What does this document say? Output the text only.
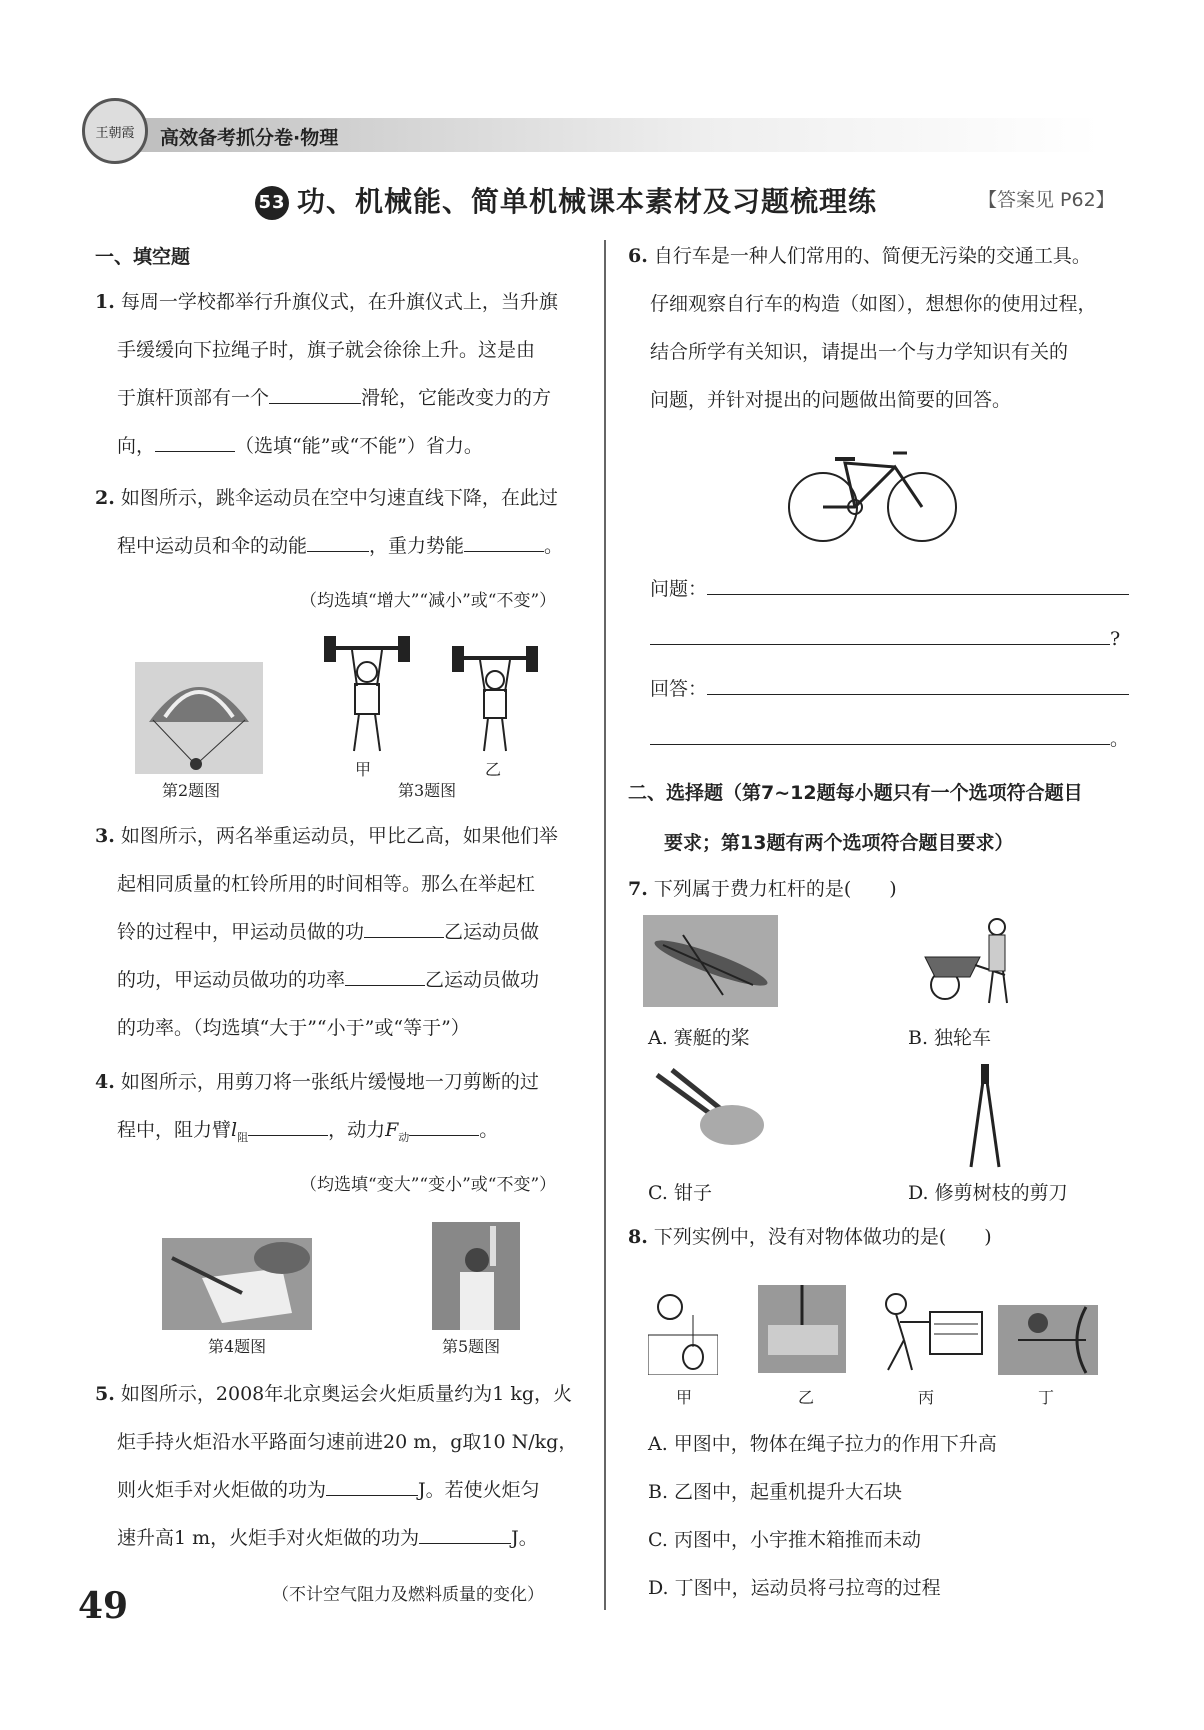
王朝霞 高效备考抓分卷·物理
53 功、机械能、简单机械课本素材及习题梳理练	【答案见 P62】
一、填空题
1. 每周一学校都举行升旗仪式，在升旗仪式上，当升旗
手缓缓向下拉绳子时，旗子就会徐徐上升。这是由
于旗杆顶部有一个	滑轮，它能改变力的方
向，	（选填“能”或“不能”）省力。
2. 如图所示，跳伞运动员在空中匀速直线下降，在此过
程中运动员和伞的动能	，重力势能	。
（均选填“增大”“减小”或“不变”）
甲	乙
第2题图	第3题图
3. 如图所示，两名举重运动员，甲比乙高，如果他们举
起相同质量的杠铃所用的时间相等。那么在举起杠
铃的过程中，甲运动员做的功	乙运动员做
的功，甲运动员做功的功率	乙运动员做功
的功率。（均选填“大于”“小于”或“等于”）
4. 如图所示，用剪刀将一张纸片缓慢地一刀剪断的过
程中，阻力臂$l_阻$	，动力$F_动$	。
（均选填“变大”“变小”或“不变”）
第4题图	第5题图
5. 如图所示，2008年北京奥运会火炬质量约为1 kg，火
炬手持火炬沿水平路面匀速前进20 m，g取10 N/kg，
则火炬手对火炬做的功为	J。若使火炬匀
速升高1 m，火炬手对火炬做的功为	J。
（不计空气阻力及燃料质量的变化）
6. 自行车是一种人们常用的、简便无污染的交通工具。
仔细观察自行车的构造（如图），想想你的使用过程，
结合所学有关知识，请提出一个与力学知识有关的
问题，并针对提出的问题做出简要的回答。
问题：
?
回答：
。
二、选择题（第7~12题每小题只有一个选项符合题目
要求；第13题有两个选项符合题目要求）
7. 下列属于费力杠杆的是(　　)
A. 赛艇的桨	B. 独轮车
C. 钳子	D. 修剪树枝的剪刀
8. 下列实例中，没有对物体做功的是(　　)
甲	乙	丙	丁
A. 甲图中，物体在绳子拉力的作用下升高
B. 乙图中，起重机提升大石块
C. 丙图中，小宇推木箱推而未动
D. 丁图中，运动员将弓拉弯的过程
49
